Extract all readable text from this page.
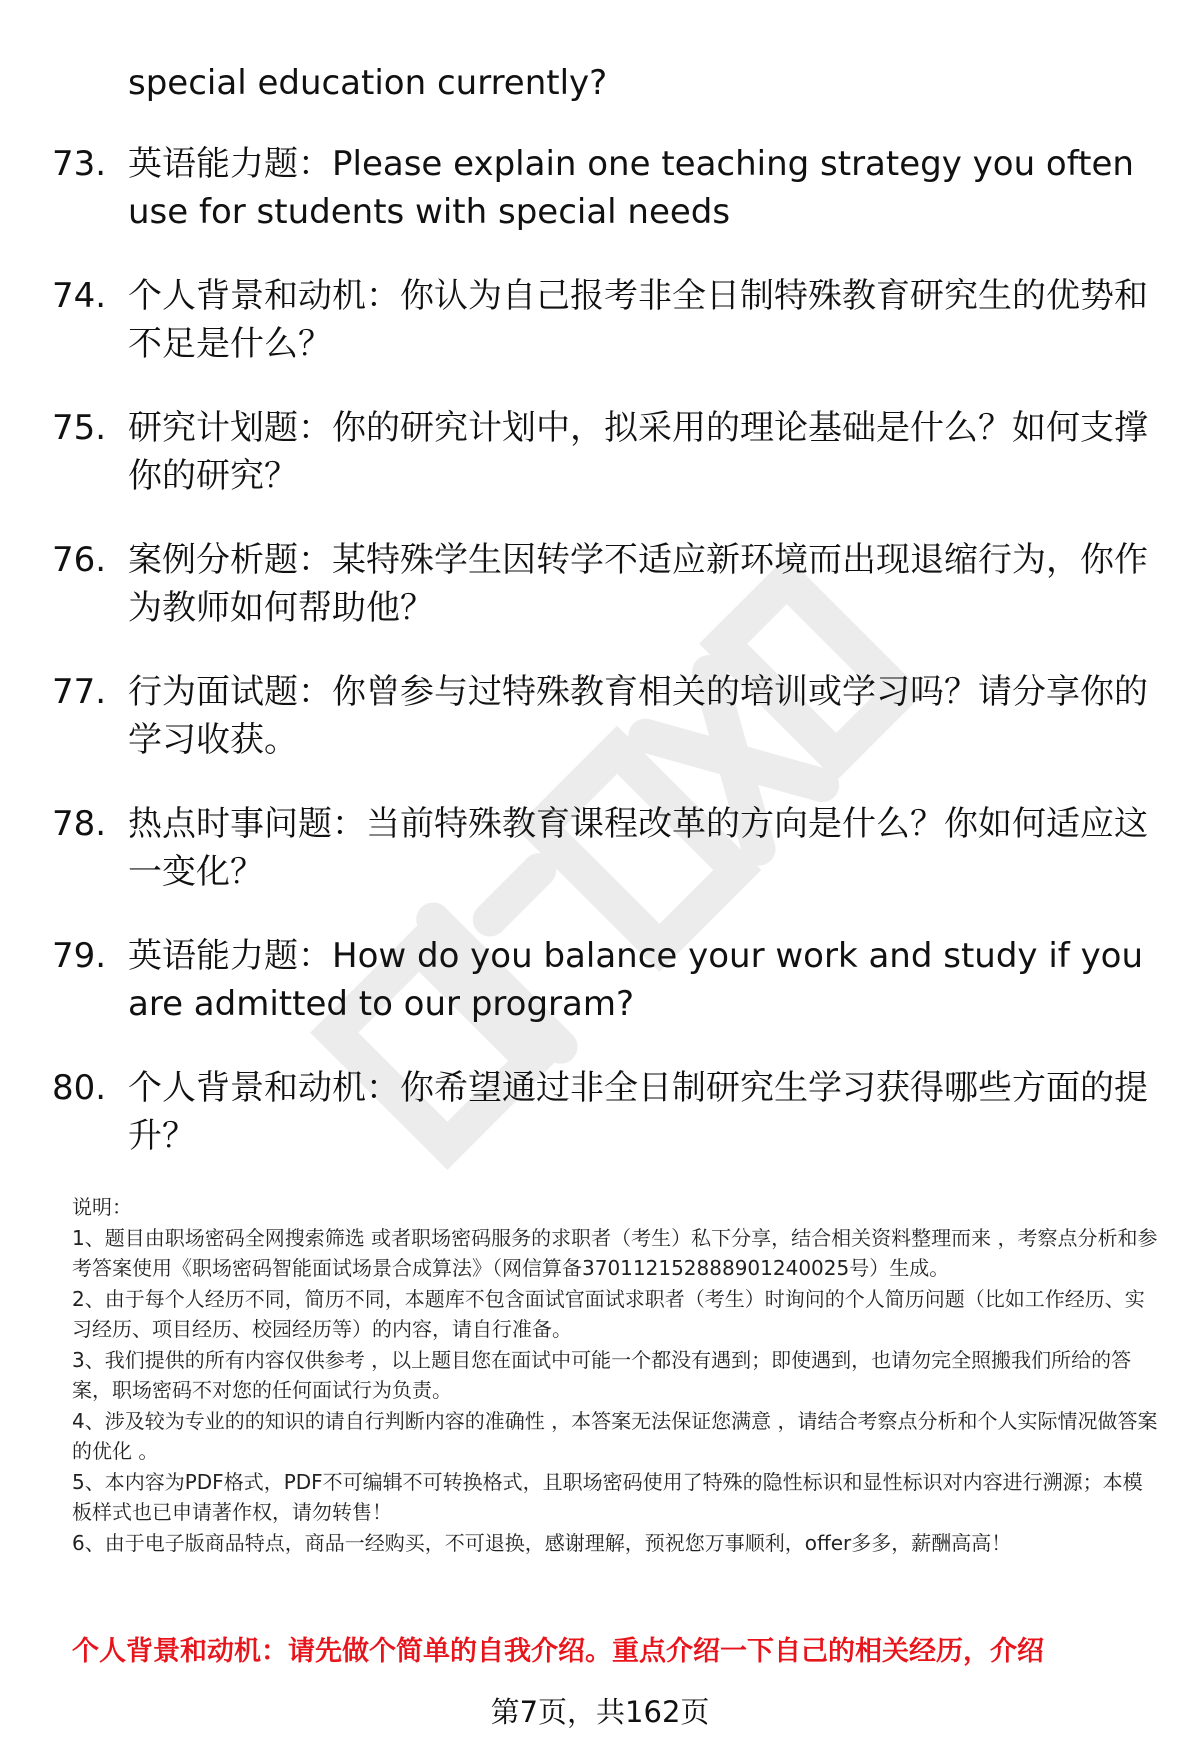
special education currently?
73. 英语能力题：Please explain one teaching strategy you often use for students with special needs
74. 个人背景和动机：你认为自己报考非全日制特殊教育研究生的优势和不足是什么？
75. 研究计划题：你的研究计划中，拟采用的理论基础是什么？如何支撑你的研究？
76. 案例分析题：某特殊学生因转学不适应新环境而出现退缩行为，你作为教师如何帮助他？
77. 行为面试题：你曾参与过特殊教育相关的培训或学习吗？请分享你的学习收获。
78. 热点时事问题：当前特殊教育课程改革的方向是什么？你如何适应这一变化？
79. 英语能力题：How do you balance your work and study if you are admitted to our program?
80. 个人背景和动机：你希望通过非全日制研究生学习获得哪些方面的提升？

说明：

1、题目由职场密码全网搜索筛选 或者职场密码服务的求职者（考生）私下分享，结合相关资料整理而来 ，考察点分析和参考答案使用《职场密码智能面试场景合成算法》（网信算备370112152888901240025号）生成。

2、由于每个人经历不同，简历不同，本题库不包含面试官面试求职者（考生）时询问的个人简历问题（比如工作经历、实习经历、项目经历、校园经历等）的内容，请自行准备。

3、我们提供的所有内容仅供参考 ，以上题目您在面试中可能一个都没有遇到；即使遇到，也请勿完全照搬我们所给的答案，职场密码不对您的任何面试行为负责。

4、涉及较为专业的的知识的请自行判断内容的准确性 ，本答案无法保证您满意 ，请结合考察点分析和个人实际情况做答案的优化 。

5、本内容为PDF格式，PDF不可编辑不可转换格式，且职场密码使用了特殊的隐性标识和显性标识对内容进行溯源；本模板样式也已申请著作权，请勿转售！

6、由于电子版商品特点，商品一经购买，不可退换，感谢理解，预祝您万事顺利，offer多多，薪酬高高！

个人背景和动机：请先做个简单的自我介绍。重点介绍一下自己的相关经历，介绍
第7页，共162页
